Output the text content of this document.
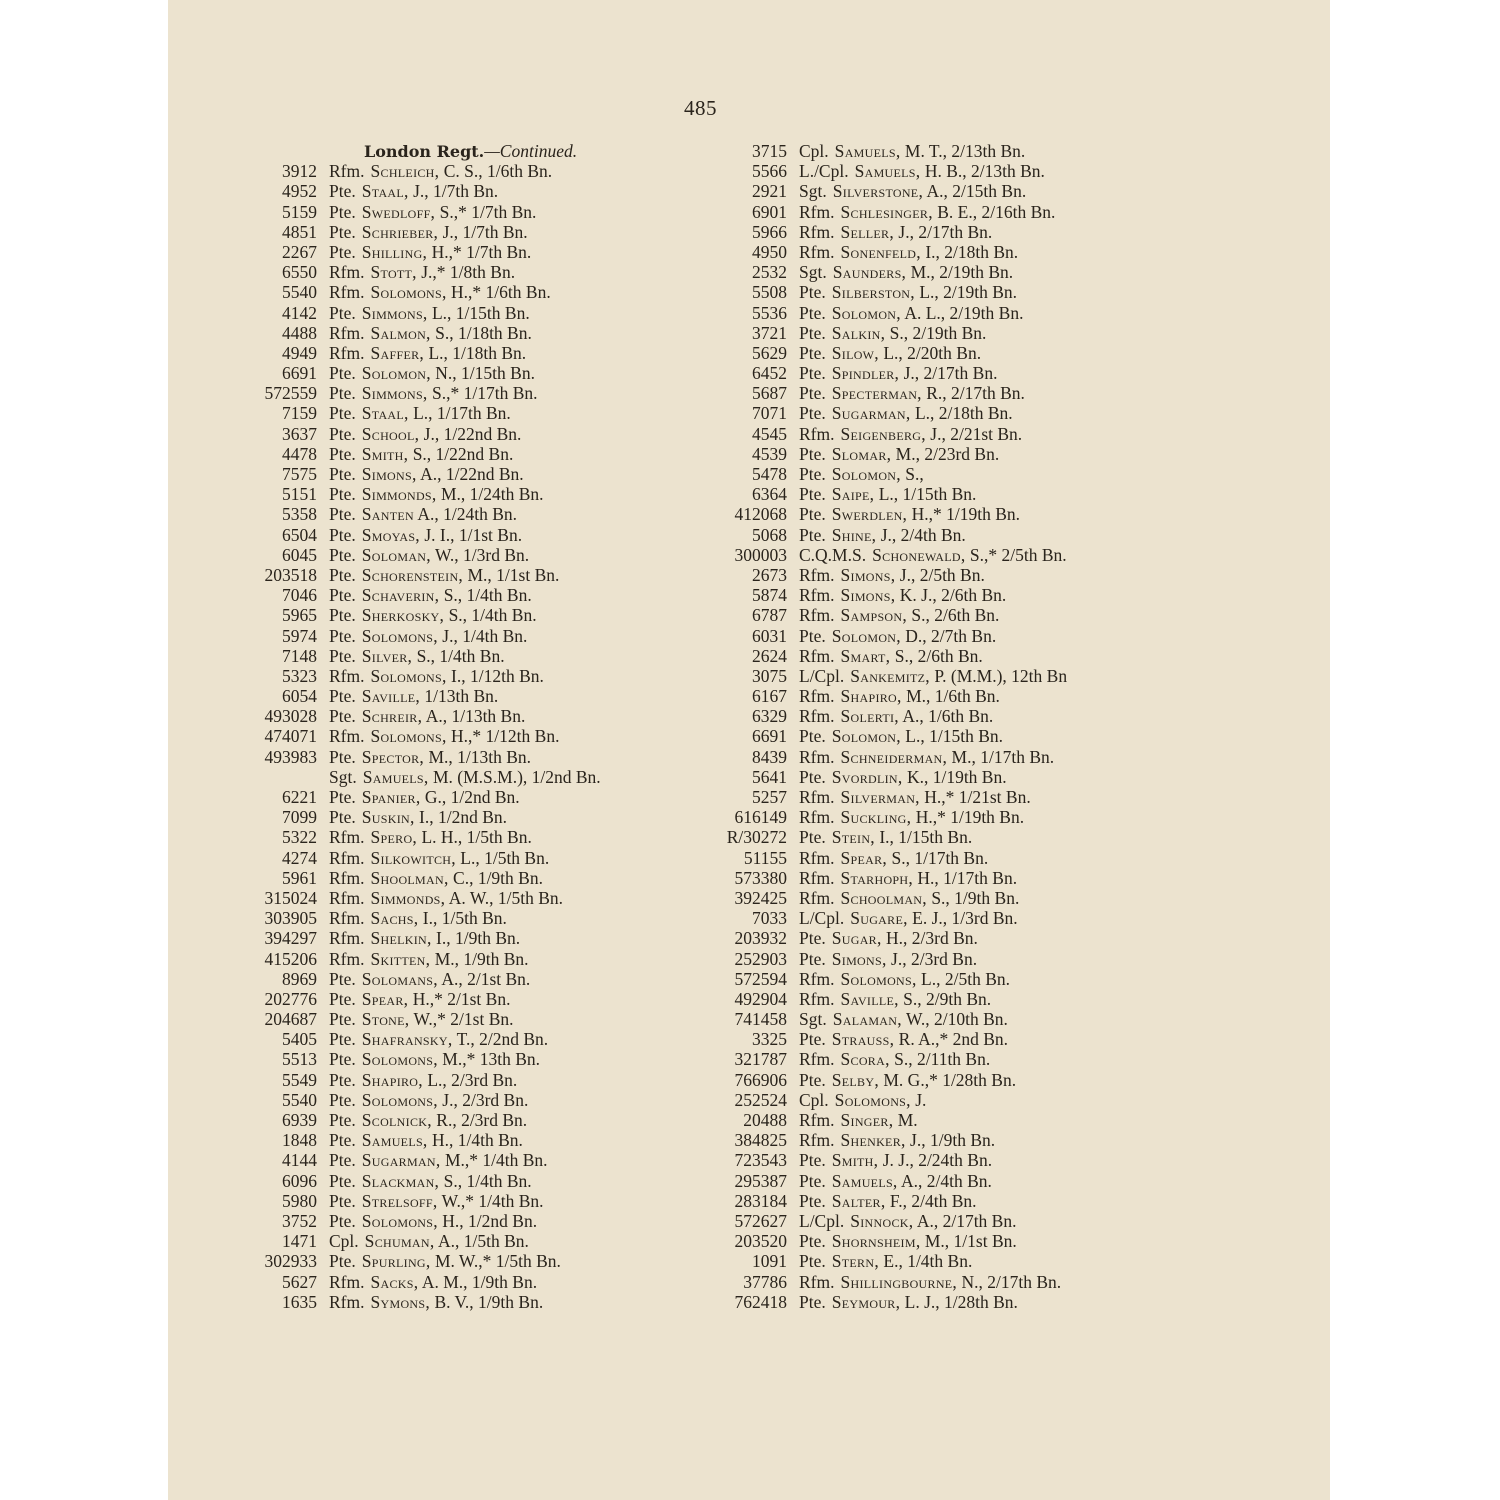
485
London Regt.—Continued.
3912 Rfm. Schleich, C. S., 1/6th Bn.
4952 Pte. Staal, J., 1/7th Bn.
5159 Pte. Swedloff, S.,* 1/7th Bn.
4851 Pte. Schrieber, J., 1/7th Bn.
2267 Pte. Shilling, H.,* 1/7th Bn.
6550 Rfm. Stott, J.,* 1/8th Bn.
5540 Rfm. Solomons, H.,* 1/6th Bn.
4142 Pte. Simmons, L., 1/15th Bn.
4488 Rfm. Salmon, S., 1/18th Bn.
4949 Rfm. Saffer, L., 1/18th Bn.
6691 Pte. Solomon, N., 1/15th Bn.
572559 Pte. Simmons, S.,* 1/17th Bn.
7159 Pte. Staal, L., 1/17th Bn.
3637 Pte. School, J., 1/22nd Bn.
4478 Pte. Smith, S., 1/22nd Bn.
7575 Pte. Simons, A., 1/22nd Bn.
5151 Pte. Simmonds, M., 1/24th Bn.
5358 Pte. Santen A., 1/24th Bn.
6504 Pte. Smoyas, J. I., 1/1st Bn.
6045 Pte. Soloman, W., 1/3rd Bn.
203518 Pte. Schorenstein, M., 1/1st Bn.
7046 Pte. Schaverin, S., 1/4th Bn.
5965 Pte. Sherkosky, S., 1/4th Bn.
5974 Pte. Solomons, J., 1/4th Bn.
7148 Pte. Silver, S., 1/4th Bn.
5323 Rfm. Solomons, I., 1/12th Bn.
6054 Pte. Saville, 1/13th Bn.
493028 Pte. Schreir, A., 1/13th Bn.
474071 Rfm. Solomons, H.,* 1/12th Bn.
493983 Pte. Spector, M., 1/13th Bn.
Sgt. Samuels, M. (M.S.M.), 1/2nd Bn.
6221 Pte. Spanier, G., 1/2nd Bn.
7099 Pte. Suskin, I., 1/2nd Bn.
5322 Rfm. Spero, L. H., 1/5th Bn.
4274 Rfm. Silkowitch, L., 1/5th Bn.
5961 Rfm. Shoolman, C., 1/9th Bn.
315024 Rfm. Simmonds, A. W., 1/5th Bn.
303905 Rfm. Sachs, I., 1/5th Bn.
394297 Rfm. Shelkin, I., 1/9th Bn.
415206 Rfm. Skitten, M., 1/9th Bn.
8969 Pte. Solomans, A., 2/1st Bn.
202776 Pte. Spear, H.,* 2/1st Bn.
204687 Pte. Stone, W.,* 2/1st Bn.
5405 Pte. Shafransky, T., 2/2nd Bn.
5513 Pte. Solomons, M.,* 13th Bn.
5549 Pte. Shapiro, L., 2/3rd Bn.
5540 Pte. Solomons, J., 2/3rd Bn.
6939 Pte. Scolnick, R., 2/3rd Bn.
1848 Pte. Samuels, H., 1/4th Bn.
4144 Pte. Sugarman, M.,* 1/4th Bn.
6096 Pte. Slackman, S., 1/4th Bn.
5980 Pte. Strelsoff, W.,* 1/4th Bn.
3752 Pte. Solomons, H., 1/2nd Bn.
1471 Cpl. Schuman, A., 1/5th Bn.
302933 Pte. Spurling, M. W.,* 1/5th Bn.
5627 Rfm. Sacks, A. M., 1/9th Bn.
1635 Rfm. Symons, B. V., 1/9th Bn.
3715 Cpl. Samuels, M. T., 2/13th Bn.
5566 L./Cpl. Samuels, H. B., 2/13th Bn.
2921 Sgt. Silverstone, A., 2/15th Bn.
6901 Rfm. Schlesinger, B. E., 2/16th Bn.
5966 Rfm. Seller, J., 2/17th Bn.
4950 Rfm. Sonenfeld, I., 2/18th Bn.
2532 Sgt. Saunders, M., 2/19th Bn.
5508 Pte. Silberston, L., 2/19th Bn.
5536 Pte. Solomon, A. L., 2/19th Bn.
3721 Pte. Salkin, S., 2/19th Bn.
5629 Pte. Silow, L., 2/20th Bn.
6452 Pte. Spindler, J., 2/17th Bn.
5687 Pte. Specterman, R., 2/17th Bn.
7071 Pte. Sugarman, L., 2/18th Bn.
4545 Rfm. Seigenberg, J., 2/21st Bn.
4539 Pte. Slomar, M., 2/23rd Bn.
5478 Pte. Solomon, S.,
6364 Pte. Saipe, L., 1/15th Bn.
412068 Pte. Swerdlen, H.,* 1/19th Bn.
5068 Pte. Shine, J., 2/4th Bn.
300003 C.Q.M.S. Schonewald, S.,* 2/5th Bn.
2673 Rfm. Simons, J., 2/5th Bn.
5874 Rfm. Simons, K. J., 2/6th Bn.
6787 Rfm. Sampson, S., 2/6th Bn.
6031 Pte. Solomon, D., 2/7th Bn.
2624 Rfm. Smart, S., 2/6th Bn.
3075 L/Cpl. Sankemitz, P. (M.M.), 12th Bn
6167 Rfm. Shapiro, M., 1/6th Bn.
6329 Rfm. Solerti, A., 1/6th Bn.
6691 Pte. Solomon, L., 1/15th Bn.
8439 Rfm. Schneiderman, M., 1/17th Bn.
5641 Pte. Svordlin, K., 1/19th Bn.
5257 Rfm. Silverman, H.,* 1/21st Bn.
616149 Rfm. Suckling, H.,* 1/19th Bn.
R/30272 Pte. Stein, I., 1/15th Bn.
51155 Rfm. Spear, S., 1/17th Bn.
573380 Rfm. Starhoph, H., 1/17th Bn.
392425 Rfm. Schoolman, S., 1/9th Bn.
7033 L/Cpl. Sugare, E. J., 1/3rd Bn.
203932 Pte. Sugar, H., 2/3rd Bn.
252903 Pte. Simons, J., 2/3rd Bn.
572594 Rfm. Solomons, L., 2/5th Bn.
492904 Rfm. Saville, S., 2/9th Bn.
741458 Sgt. Salaman, W., 2/10th Bn.
3325 Pte. Strauss, R. A.,* 2nd Bn.
321787 Rfm. Scora, S., 2/11th Bn.
766906 Pte. Selby, M. G.,* 1/28th Bn.
252524 Cpl. Solomons, J.
20488 Rfm. Singer, M.
384825 Rfm. Shenker, J., 1/9th Bn.
723543 Pte. Smith, J. J., 2/24th Bn.
295387 Pte. Samuels, A., 2/4th Bn.
283184 Pte. Salter, F., 2/4th Bn.
572627 L/Cpl. Sinnock, A., 2/17th Bn.
203520 Pte. Shornsheim, M., 1/1st Bn.
1091 Pte. Stern, E., 1/4th Bn.
37786 Rfm. Shillingbourne, N., 2/17th Bn.
762418 Pte. Seymour, L. J., 1/28th Bn.
